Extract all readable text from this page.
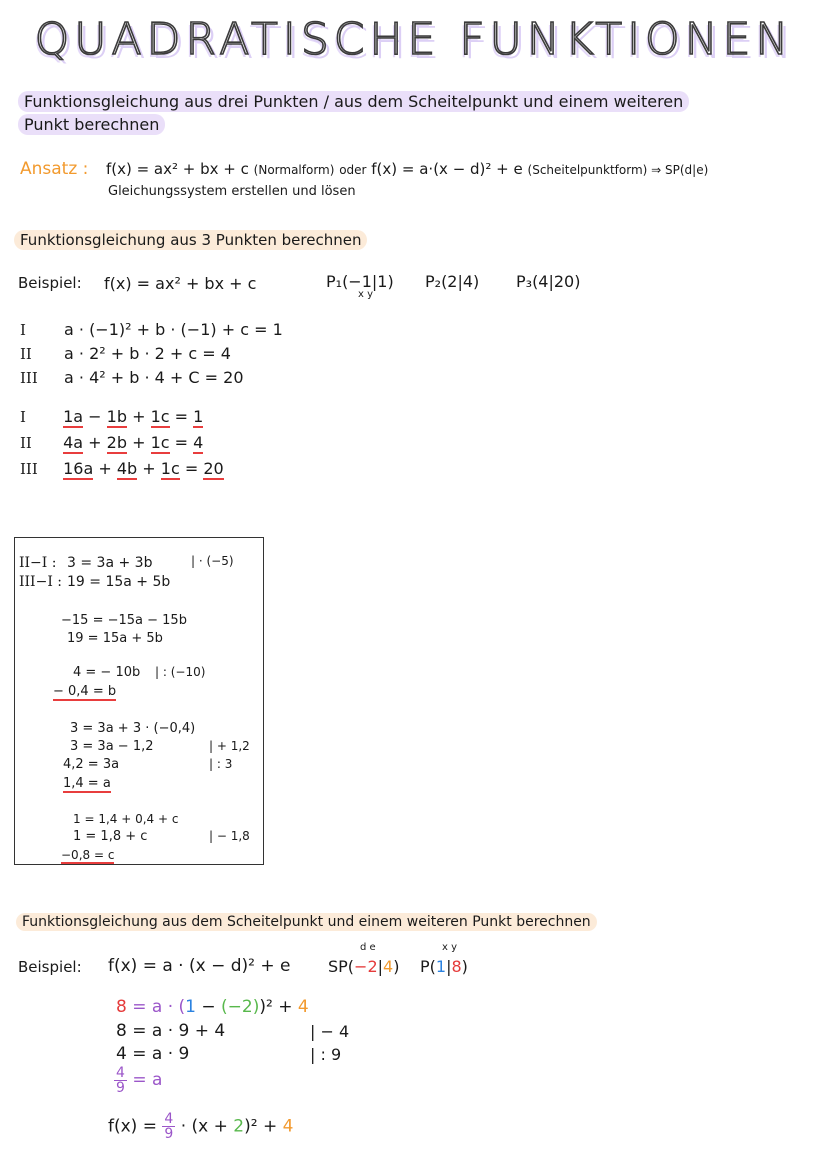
QUADRATISCHE FUNKTIONEN
Funktionsgleichung aus drei Punkten / aus dem Scheitelpunkt und einem weiteren
Punkt berechnen
Ansatz : f(x) = ax² + bx + c (Normalform) oder f(x) = a·(x − d)² + e (Scheitelpunktform) ⇒ SP(d|e)
Gleichungssystem erstellen und lösen
Funktionsgleichung aus 3 Punkten berechnen
Beispiel: f(x) = ax² + bx + c	P₁(−1|1)
x y
P₂(2|4) P₃(4|20)
I a · (−1)² + b · (−1) + c = 1
II a · 2² + b · 2 + c = 4
III a · 4² + b · 4 + C = 20
I 1a − 1b + 1c = 1
II 4a + 2b + 1c = 4
III 16a + 4b + 1c = 20
II−I : 3 = 3a + 3b	| · (−5)
III−I : 19 = 15a + 5b
−15 = −15a − 15b
19 = 15a + 5b
4 = − 10b | : (−10)
− 0,4 = b
3 = 3a + 3 · (−0,4)
3 = 3a − 1,2	| + 1,2
4,2 = 3a	| : 3
1,4 = a
1 = 1,4 + 0,4 + c
1 = 1,8 + c	| − 1,8
−0,8 = c
Funktionsgleichung aus dem Scheitelpunkt und einem weiteren Punkt berechnen
Beispiel: f(x) = a · (x − d)² + e
d e
SP(−2|4)
x y
P(1|8)
8 = a · (1 − (−2))² + 4
8 = a · 9 + 4	| − 4
4 = a · 9	| : 9
$\frac{4}{9} = a$
$f(x) = \frac{4}{9} \cdot (x + 2)^2 + 4$
